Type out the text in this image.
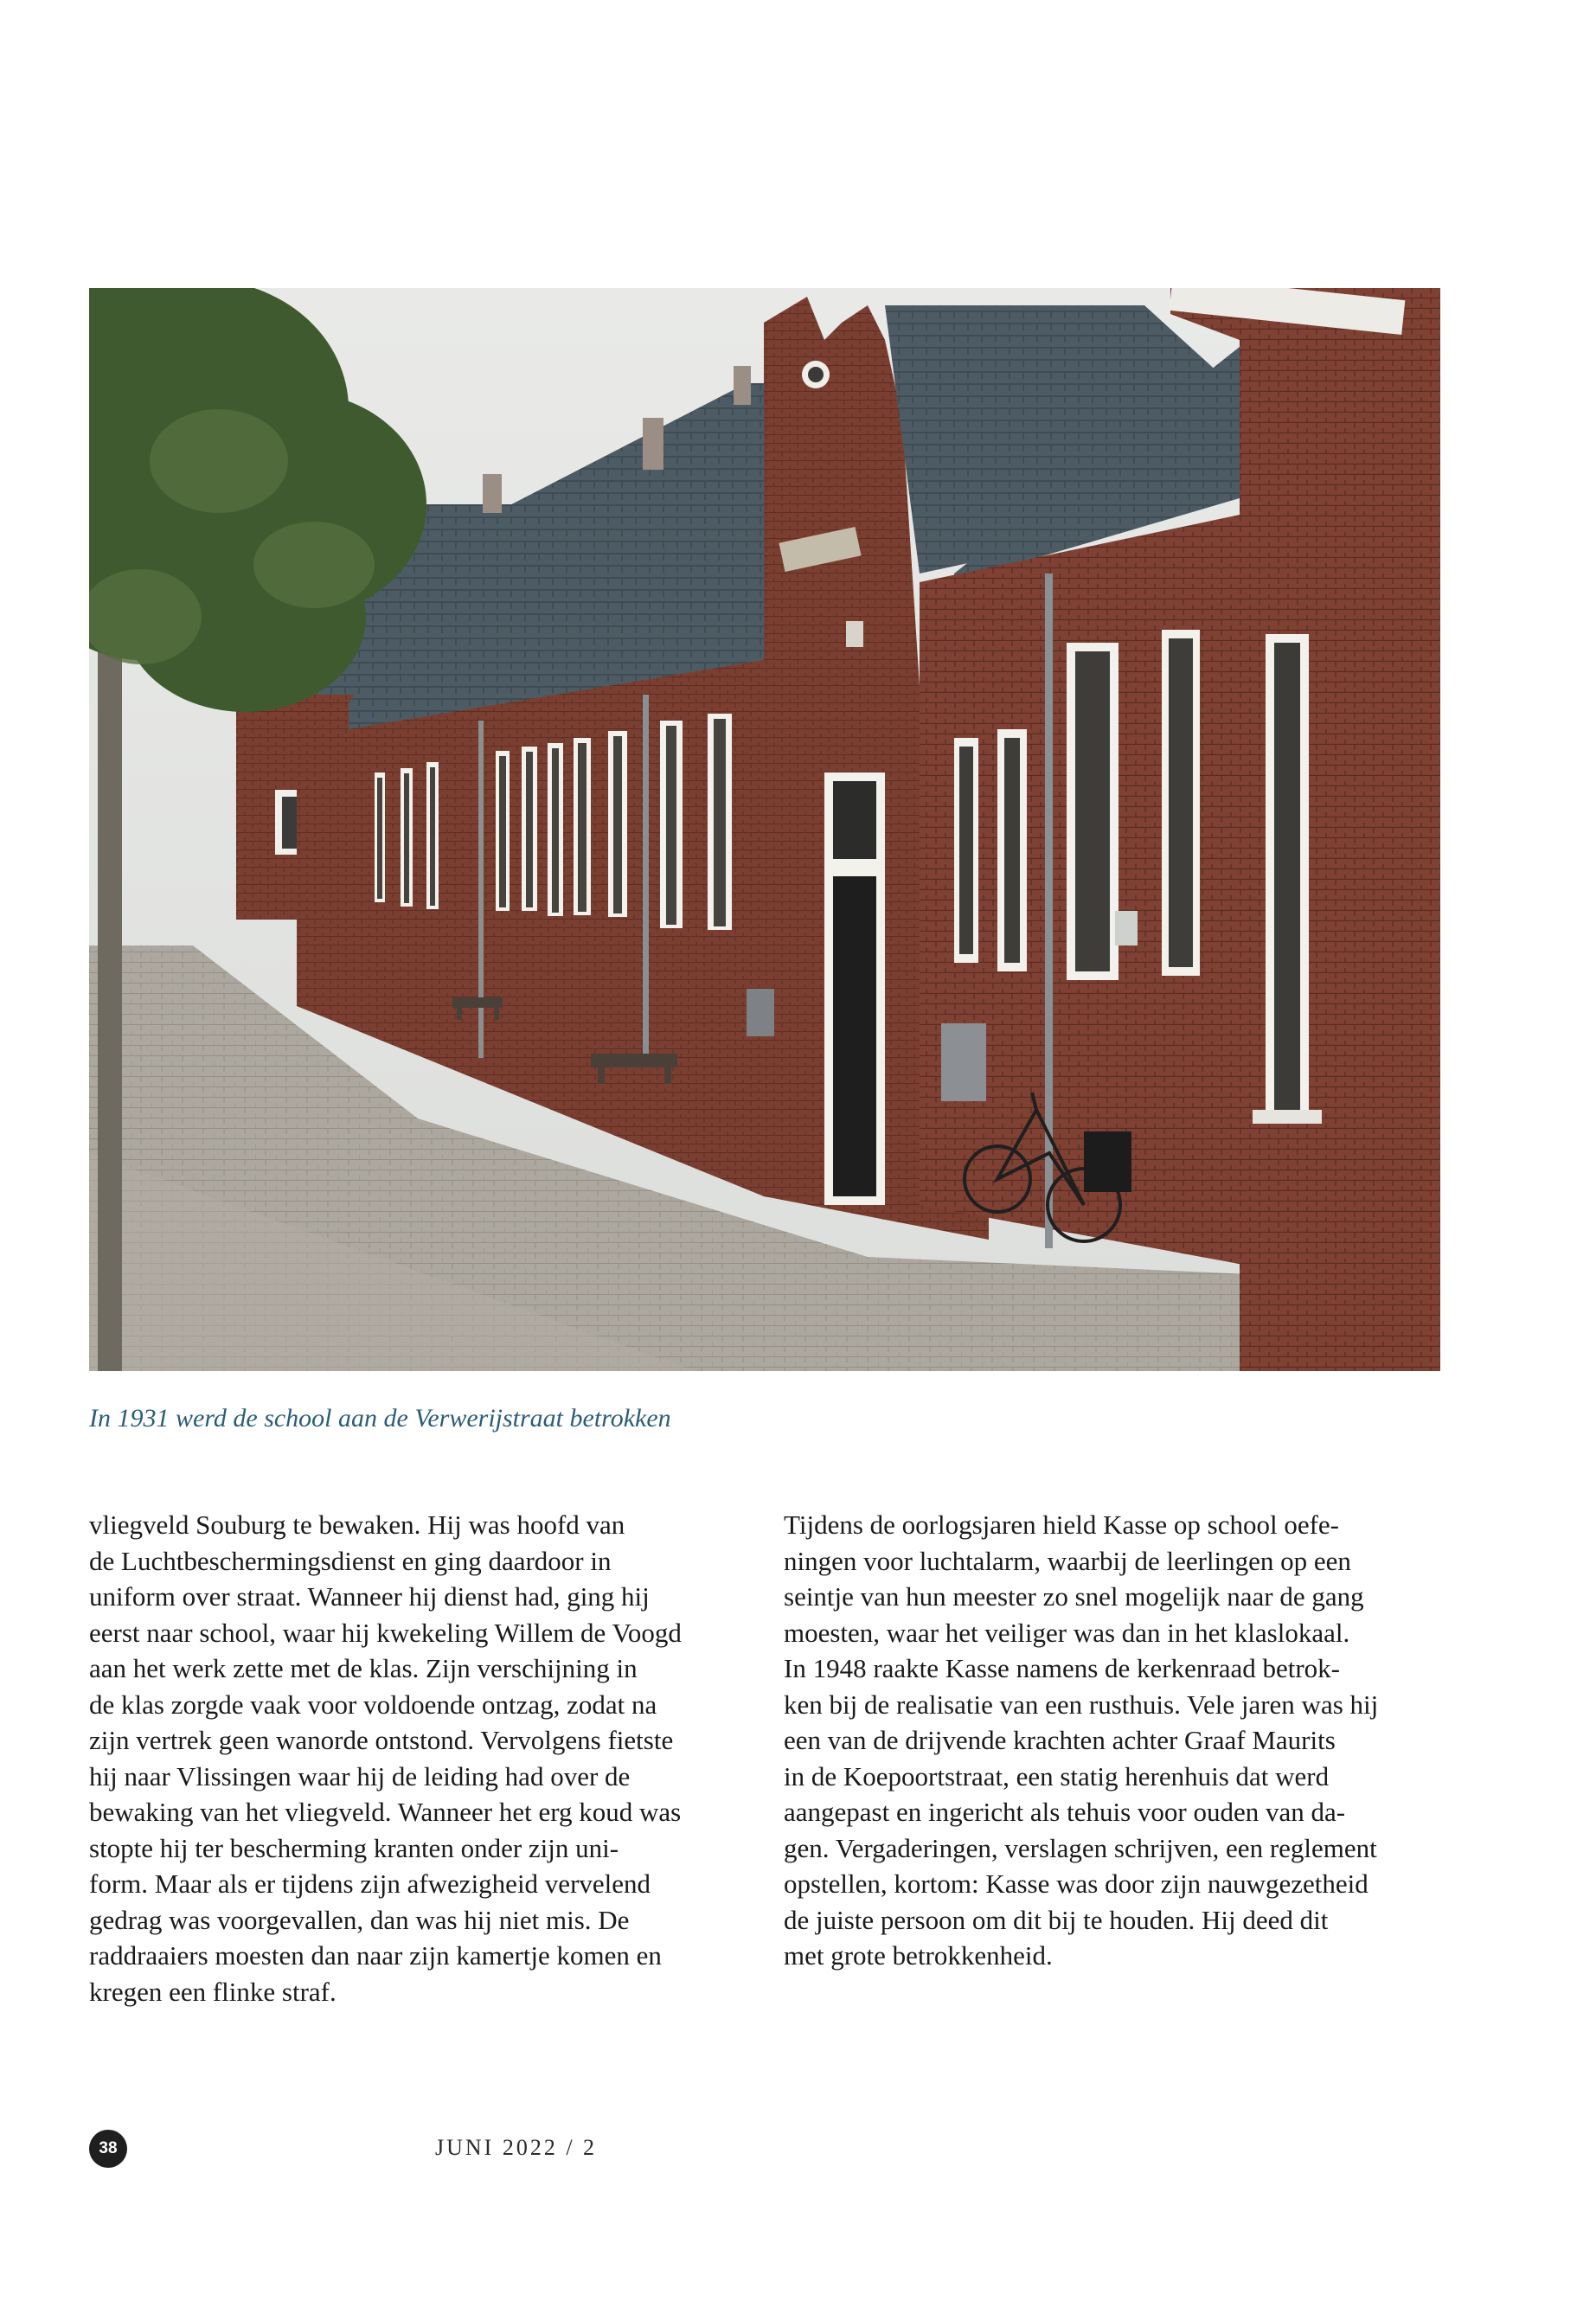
In 1931 werd de school aan de Verwerijstraat betrokken

vliegveld Souburg te bewaken. Hij was hoofd van

de Luchtbeschermingsdienst en ging daardoor in

uniform over straat. Wanneer hij dienst had, ging hij

eerst naar school, waar hij kwekeling Willem de Voogd

aan het werk zette met de klas. Zijn verschijning in

de klas zorgde vaak voor voldoende ontzag, zodat na

zijn vertrek geen wanorde ontstond. Vervolgens fietste

hij naar Vlissingen waar hij de leiding had over de

bewaking van het vliegveld. Wanneer het erg koud was

stopte hij ter bescherming kranten onder zijn uni-

form. Maar als er tijdens zijn afwezigheid vervelend

gedrag was voorgevallen, dan was hij niet mis. De

raddraaiers moesten dan naar zijn kamertje komen en

kregen een flinke straf.

Tijdens de oorlogsjaren hield Kasse op school oefe-

ningen voor luchtalarm, waarbij de leerlingen op een

seintje van hun meester zo snel mogelijk naar de gang

moesten, waar het veiliger was dan in het klaslokaal.

In 1948 raakte Kasse namens de kerkenraad betrok-

ken bij de realisatie van een rusthuis. Vele jaren was hij

een van de drijvende krachten achter Graaf Maurits

in de Koepoortstraat, een statig herenhuis dat werd

aangepast en ingericht als tehuis voor ouden van da-

gen. Vergaderingen, verslagen schrijven, een reglement

opstellen, kortom: Kasse was door zijn nauwgezetheid

de juiste persoon om dit bij te houden. Hij deed dit

met grote betrokkenheid.

38	JUNI 2022 / 2
